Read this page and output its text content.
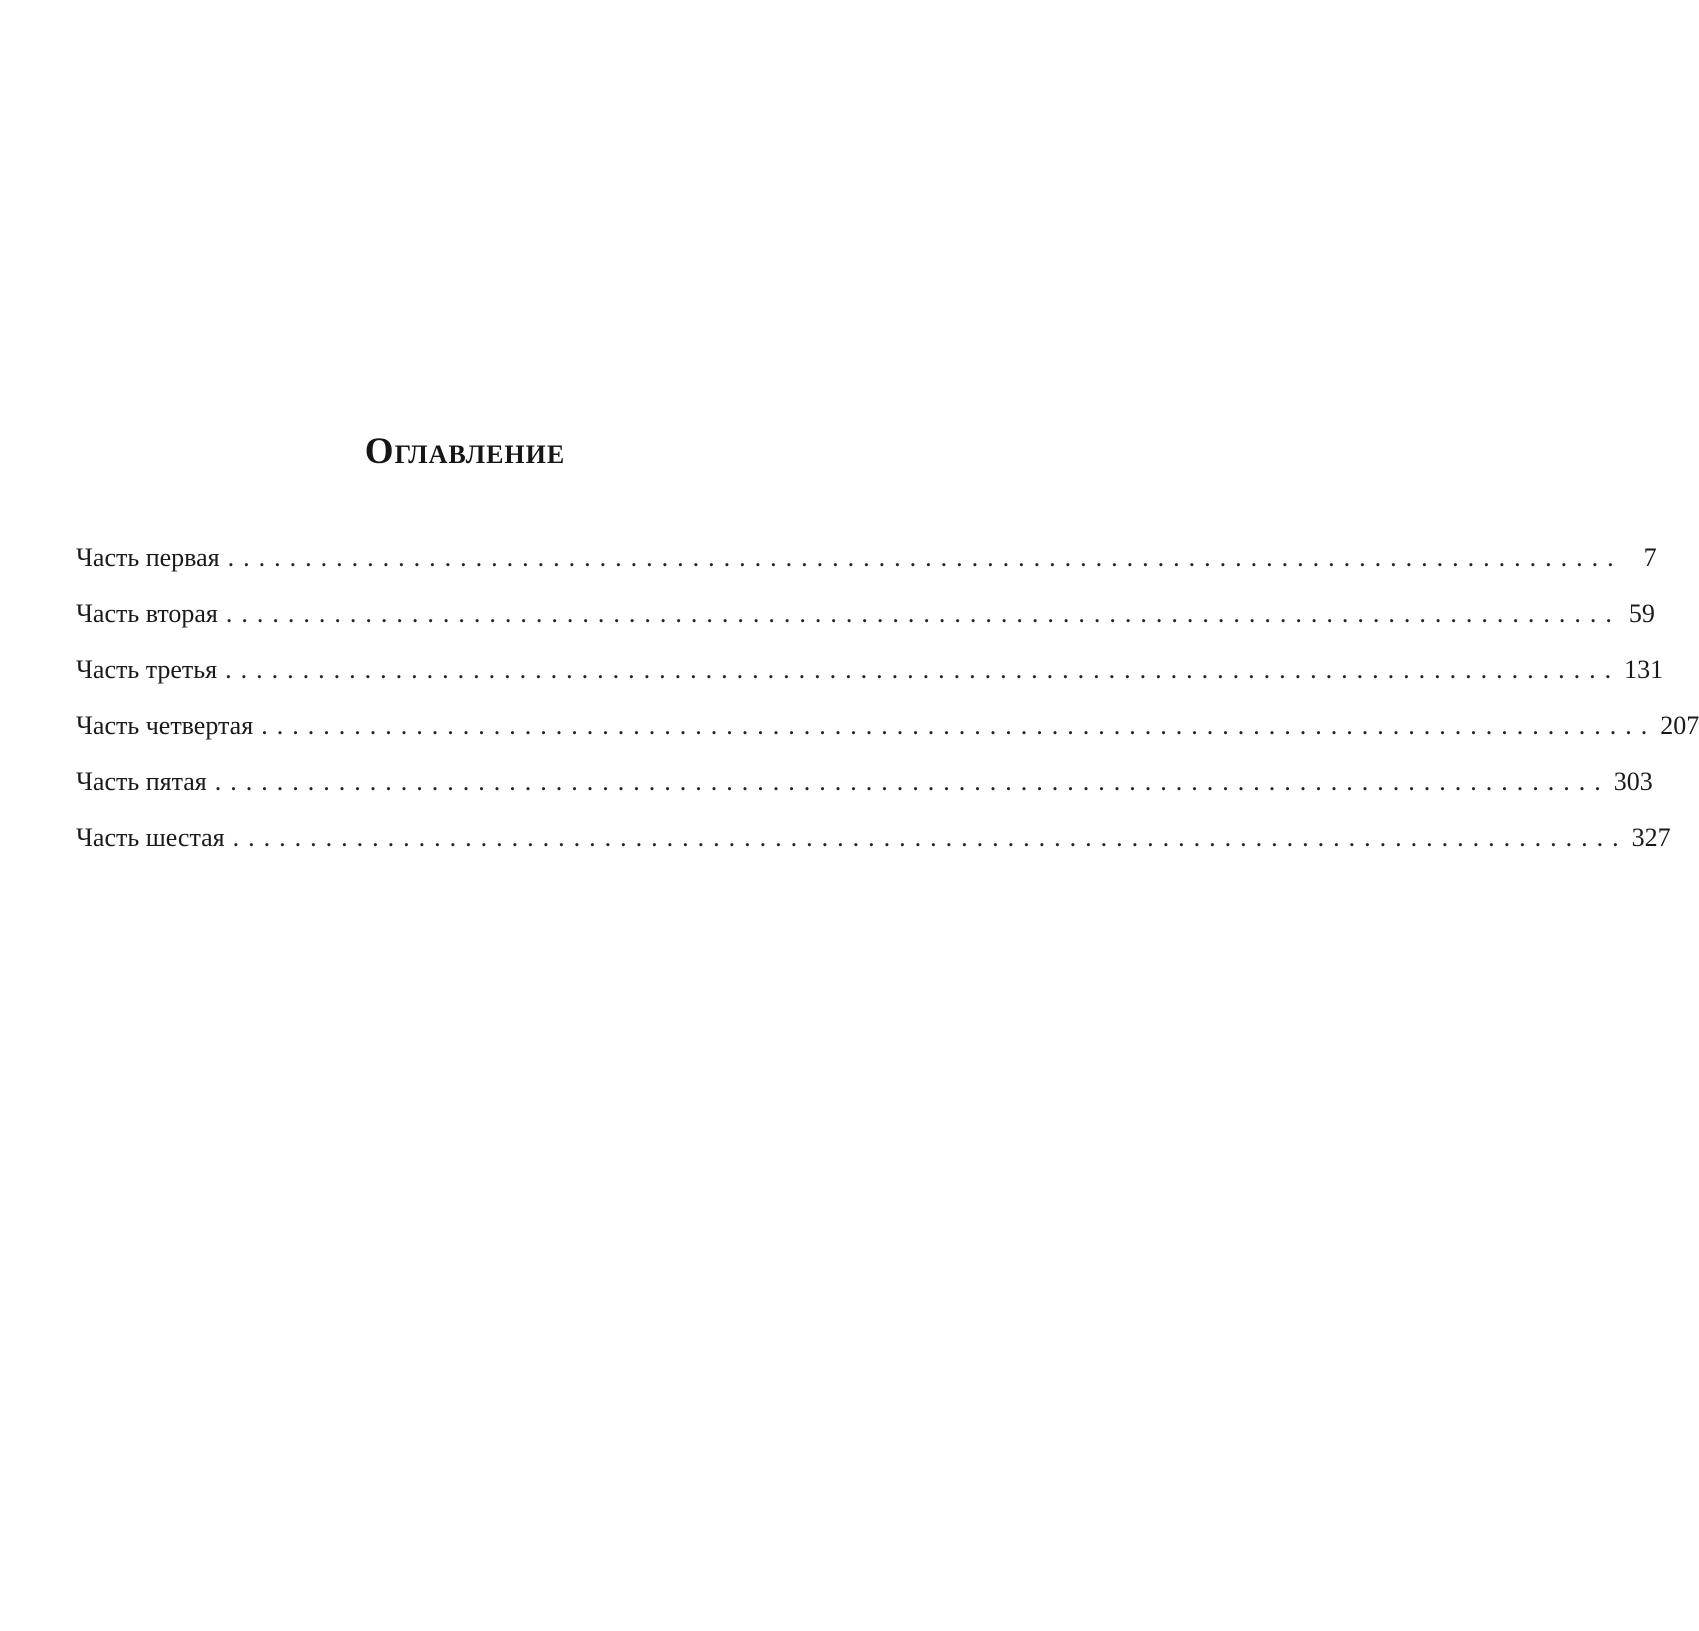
Оглавление
Часть первая .......................................................................................... 7
Часть вторая .......................................................................................... 59
Часть третья .......................................................................................... 131
Часть четвертая .......................................................................................... 207
Часть пятая .......................................................................................... 303
Часть шестая .......................................................................................... 327
